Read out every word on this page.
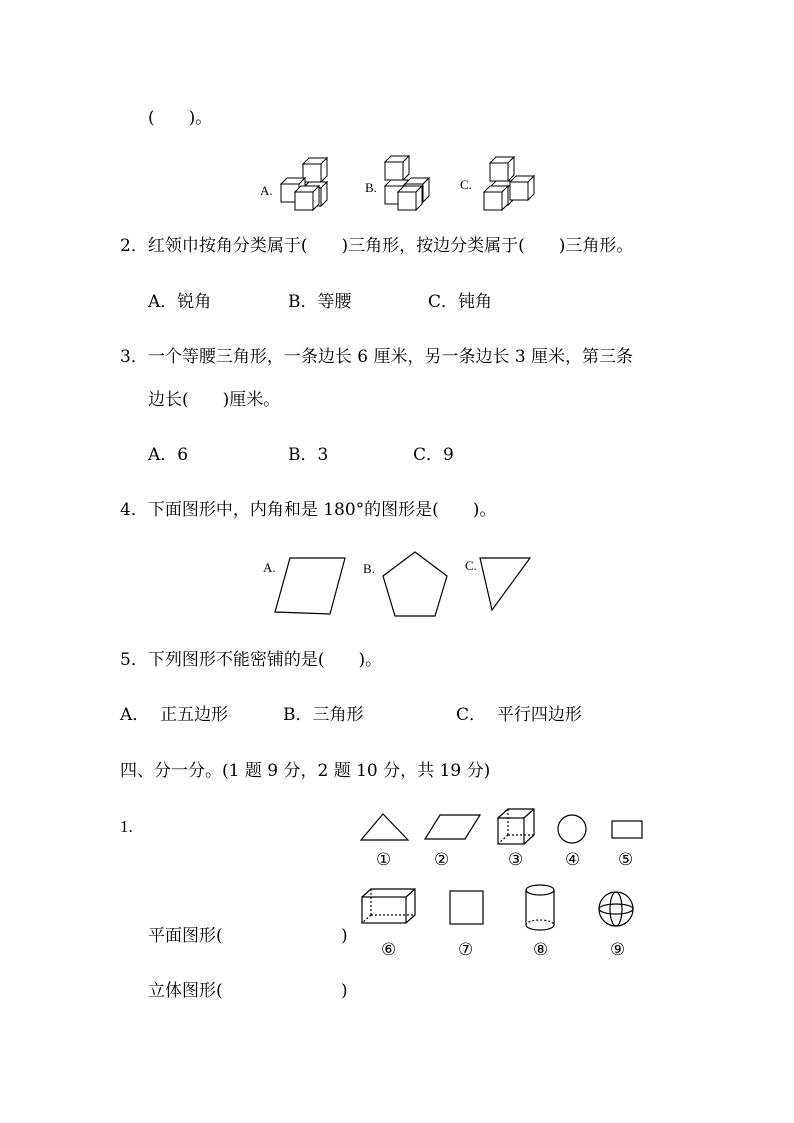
(　　)。
A.	B.	C.
2．红领巾按角分类属于(　　)三角形，按边分类属于(　　)三角形。
A．锐角	B．等腰	C．钝角
3．一个等腰三角形，一条边长 6 厘米，另一条边长 3 厘米，第三条
边长(　　)厘米。
A．6	B．3	C．9
4．下面图形中，内角和是 180°的图形是(　　)。
A.	B.	C.
5．下列图形不能密铺的是(　　)。
A．  正五边形	B．三角形	C．  平行四边形
四、分一分。(1 题 9 分，2 题 10 分，共 19 分)
1.
①	②	③ ④ ⑤
⑥	⑦	⑧	⑨
平面图形(	)
立体图形(	)
